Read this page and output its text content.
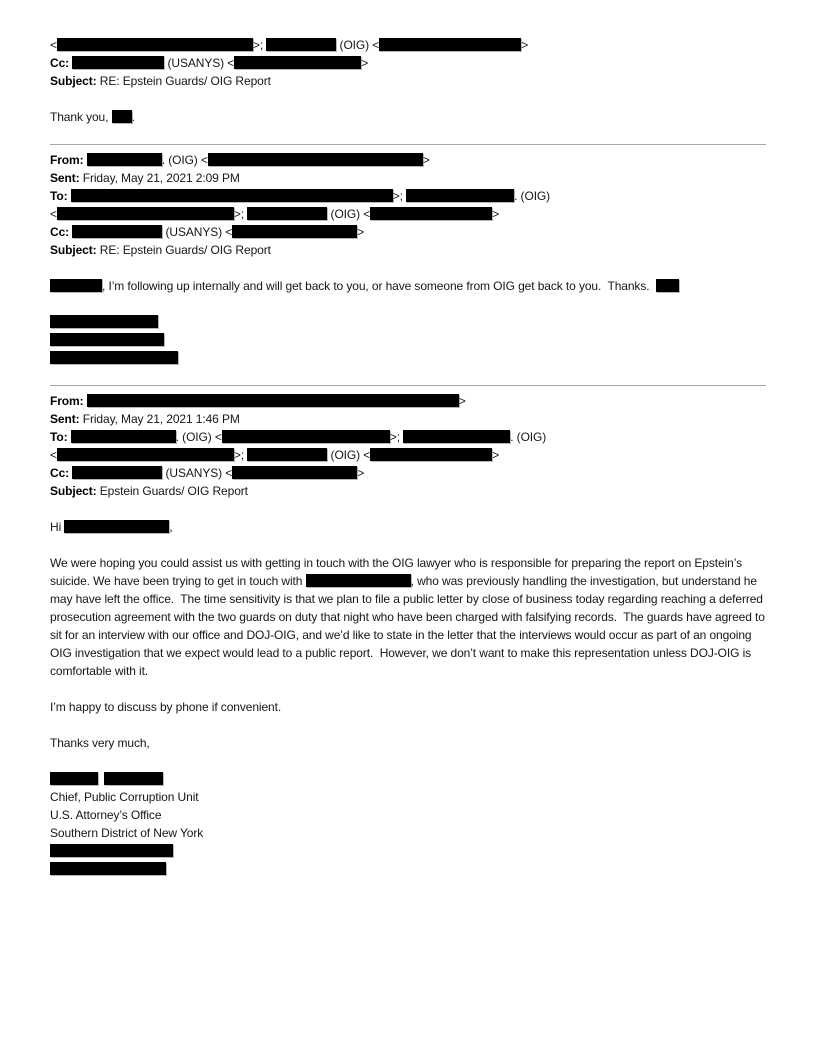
<	>;	(OIG) <	>
Cc:	(USANYS) <	>
Subject: RE: Epstein Guards/ OIG Report
Thank you, .
From:	. (OIG) <	>
Sent: Friday, May 21, 2021 2:09 PM
To:	>;	. (OIG)
<	>;	(OIG) <	>
Cc:	(USANYS) <	>
Subject: RE: Epstein Guards/ OIG Report
, I’m following up internally and will get back to you, or have someone from OIG get back to you.  Thanks.
From:	>
Sent: Friday, May 21, 2021 1:46 PM
To:	. (OIG) <	>;	. (OIG)
<	>;	(OIG) <	>
Cc:	(USANYS) <	>
Subject: Epstein Guards/ OIG Report
Hi	,
We were hoping you could assist us with getting in touch with the OIG lawyer who is responsible for preparing the report on Epstein’s suicide. We have been trying to get in touch with	, who was previously handling the investigation, but understand he may have left the office.  The time sensitivity is that we plan to file a public letter by close of business today regarding reaching a deferred prosecution agreement with the two guards on duty that night who have been charged with falsifying records.  The guards have agreed to sit for an interview with our office and DOJ-OIG, and we’d like to state in the letter that the interviews would occur as part of an ongoing OIG investigation that we expect would lead to a public report.  However, we don’t want to make this representation unless DOJ-OIG is comfortable with it.
I’m happy to discuss by phone if convenient.
Thanks very much,

Chief, Public Corruption Unit
U.S. Attorney’s Office
Southern District of New York
